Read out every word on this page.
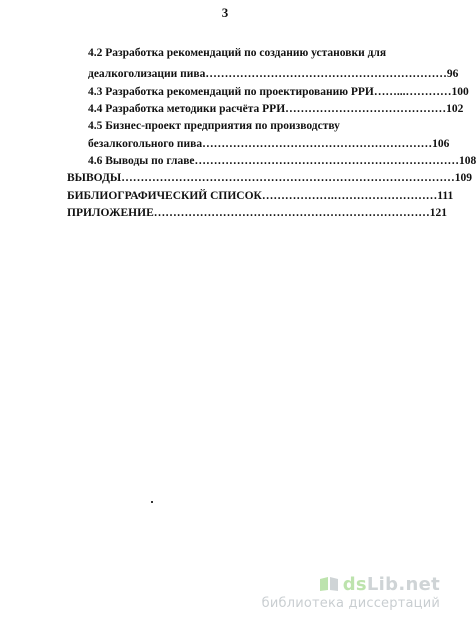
3
4.2 Разработка рекомендаций по созданию установки для
деалкоголизации пива………………………………………………………96
4.3 Разработка рекомендаций по проектированию РРИ……...…………100
4.4 Разработка методики расчёта РРИ……………………………………102
4.5 Бизнес-проект предприятия по производству
безалкогольного пива……………………………………………………106
4.6 Выводы по главе……………………………………………………………108
ВЫВОДЫ……………………………………………………………………………109
БИБЛИОГРАФИЧЕСКИЙ СПИСОК……………….………………………111
ПРИЛОЖЕНИЕ………………………………………………………………121
dsLib.net
библиотека диссертаций
